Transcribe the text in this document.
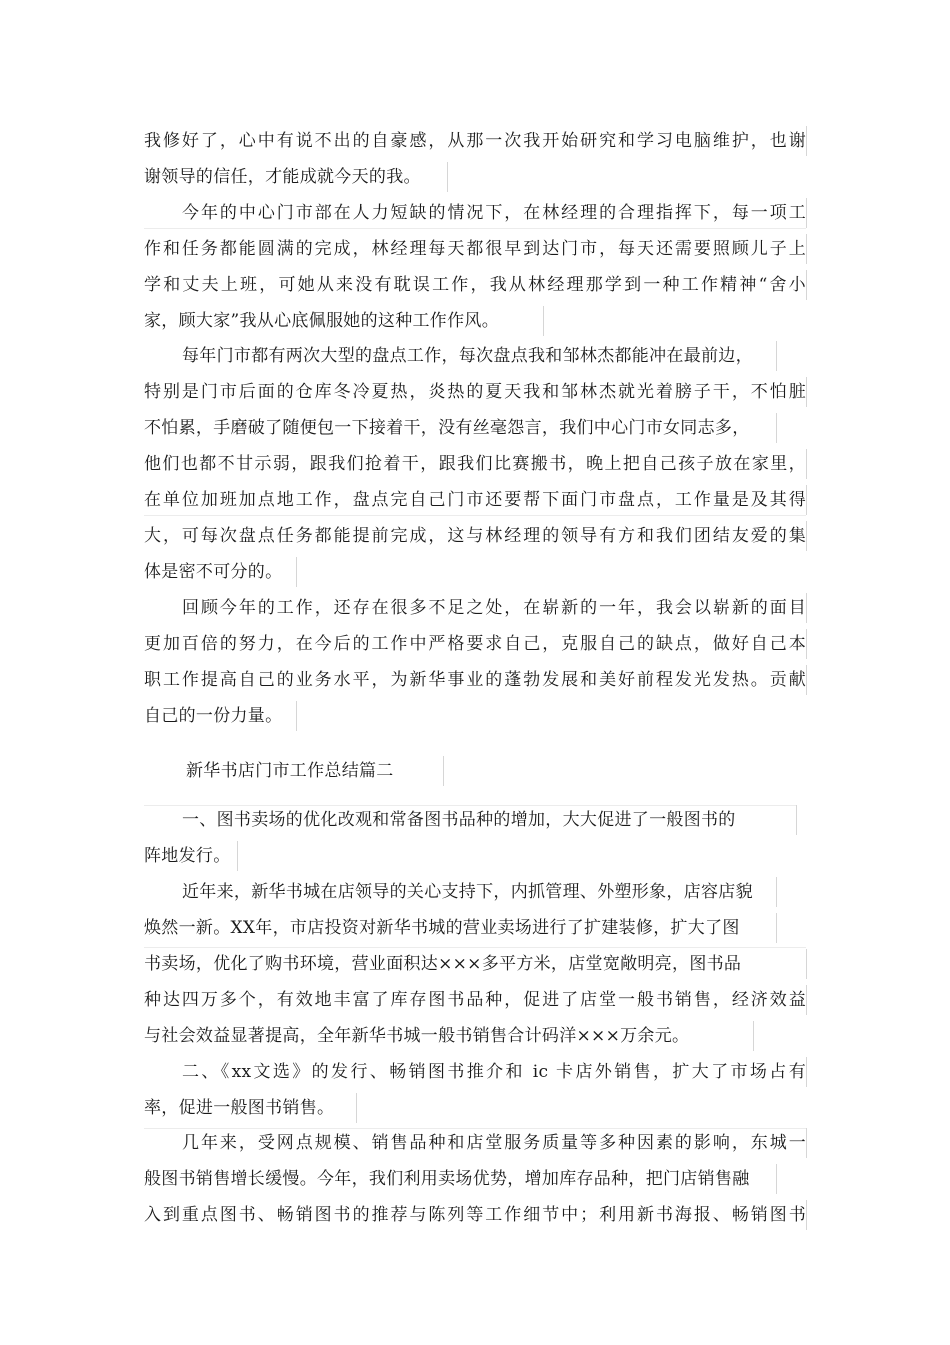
我修好了，心中有说不出的自豪感，从那一次我开始研究和学习电脑维护，也谢
谢领导的信任，才能成就今天的我。
今年的中心门市部在人力短缺的情况下，在林经理的合理指挥下，每一项工
作和任务都能圆满的完成，林经理每天都很早到达门市，每天还需要照顾儿子上
学和丈夫上班，可她从来没有耽误工作，我从林经理那学到一种工作精神“舍小
家，顾大家”我从心底佩服她的这种工作作风。
每年门市都有两次大型的盘点工作，每次盘点我和邹林杰都能冲在最前边，
特别是门市后面的仓库冬冷夏热，炎热的夏天我和邹林杰就光着膀子干，不怕脏
不怕累，手磨破了随便包一下接着干，没有丝毫怨言，我们中心门市女同志多，
他们也都不甘示弱，跟我们抢着干，跟我们比赛搬书，晚上把自己孩子放在家里，
在单位加班加点地工作，盘点完自己门市还要帮下面门市盘点，工作量是及其得
大，可每次盘点任务都能提前完成，这与林经理的领导有方和我们团结友爱的集
体是密不可分的。
回顾今年的工作，还存在很多不足之处，在崭新的一年，我会以崭新的面目
更加百倍的努力，在今后的工作中严格要求自己，克服自己的缺点，做好自己本
职工作提高自己的业务水平，为新华事业的蓬勃发展和美好前程发光发热。贡献
自己的一份力量。
新华书店门市工作总结篇二
一、图书卖场的优化改观和常备图书品种的增加，大大促进了一般图书的
阵地发行。
近年来，新华书城在店领导的关心支持下，内抓管理、外塑形象，店容店貌
焕然一新。XX年，市店投资对新华书城的营业卖场进行了扩建装修，扩大了图
书卖场，优化了购书环境，营业面积达×××多平方米，店堂宽敞明亮，图书品
种达四万多个，有效地丰富了库存图书品种，促进了店堂一般书销售，经济效益
与社会效益显著提高，全年新华书城一般书销售合计码洋×××万余元。
二、《xx文选》的发行、畅销图书推介和 ic 卡店外销售，扩大了市场占有
率，促进一般图书销售。
几年来，受网点规模、销售品种和店堂服务质量等多种因素的影响，东城一
般图书销售增长缓慢。今年，我们利用卖场优势，增加库存品种，把门店销售融
入到重点图书、畅销图书的推荐与陈列等工作细节中；利用新书海报、畅销图书
